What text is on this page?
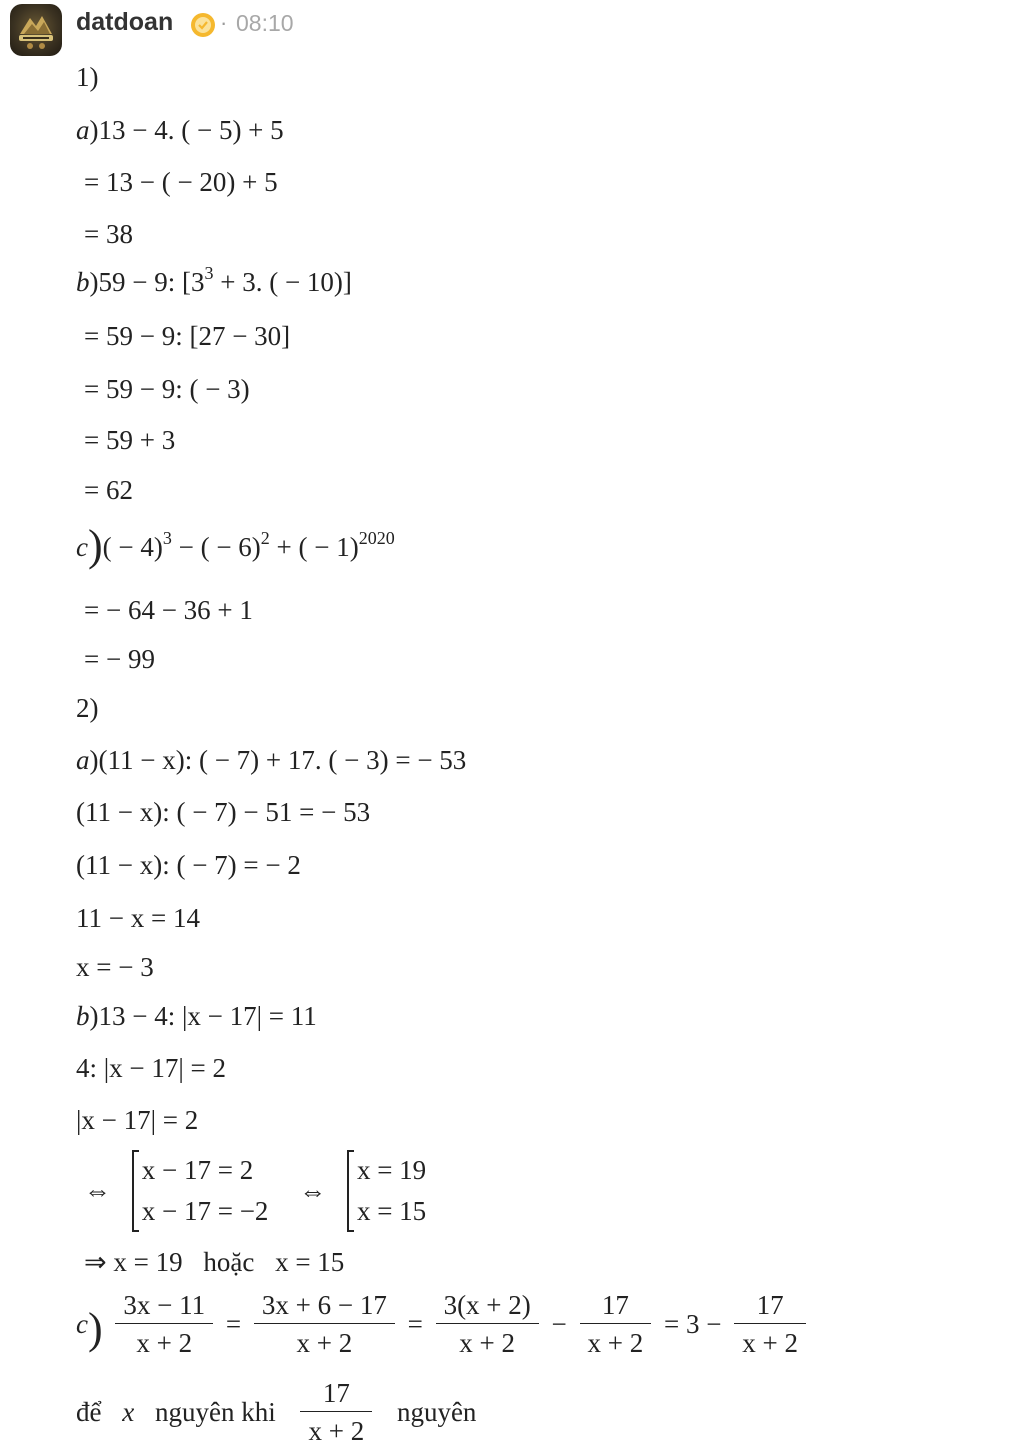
datdoan · 08:10
1)
a)13 − 4. ( − 5) + 5
= 13 − ( − 20) + 5
= 38
b)59 − 9: [$3^3 + 3$. ( − 10)]
= 59 − 9: [27 − 30]
= 59 − 9: ( − 3)
= 59 + 3
= 62
$c)( - 4)^3$ − ( − 6)$^2$ + ( − 1)$^{2020}$
= − 64 − 36 + 1
= − 99
2)
a)(11 − x): ( − 7) + 17. ( − 3) = − 53
(11 − x): ( − 7) − 51 = − 53
(11 − x): ( − 7) = − 2
11 − x = 14
x = − 3
b)13 − 4: |x − 17| = 11
4: |x − 17| = 2
|x − 17| = 2
⇔
x − 17 = 2
x − 17 = −2
⇔
x = 19
x = 15
⇒ x = 19 hoặc x = 15
$c) \frac{3x - 11}{x + 2} = \frac{3x + 6 - 17}{x + 2} = \frac{3(x + 2)}{x + 2} - \frac{17}{x + 2} = 3 - \frac{17}{x + 2}$
để x nguyên khi $\frac{17}{x + 2}$ nguyên
